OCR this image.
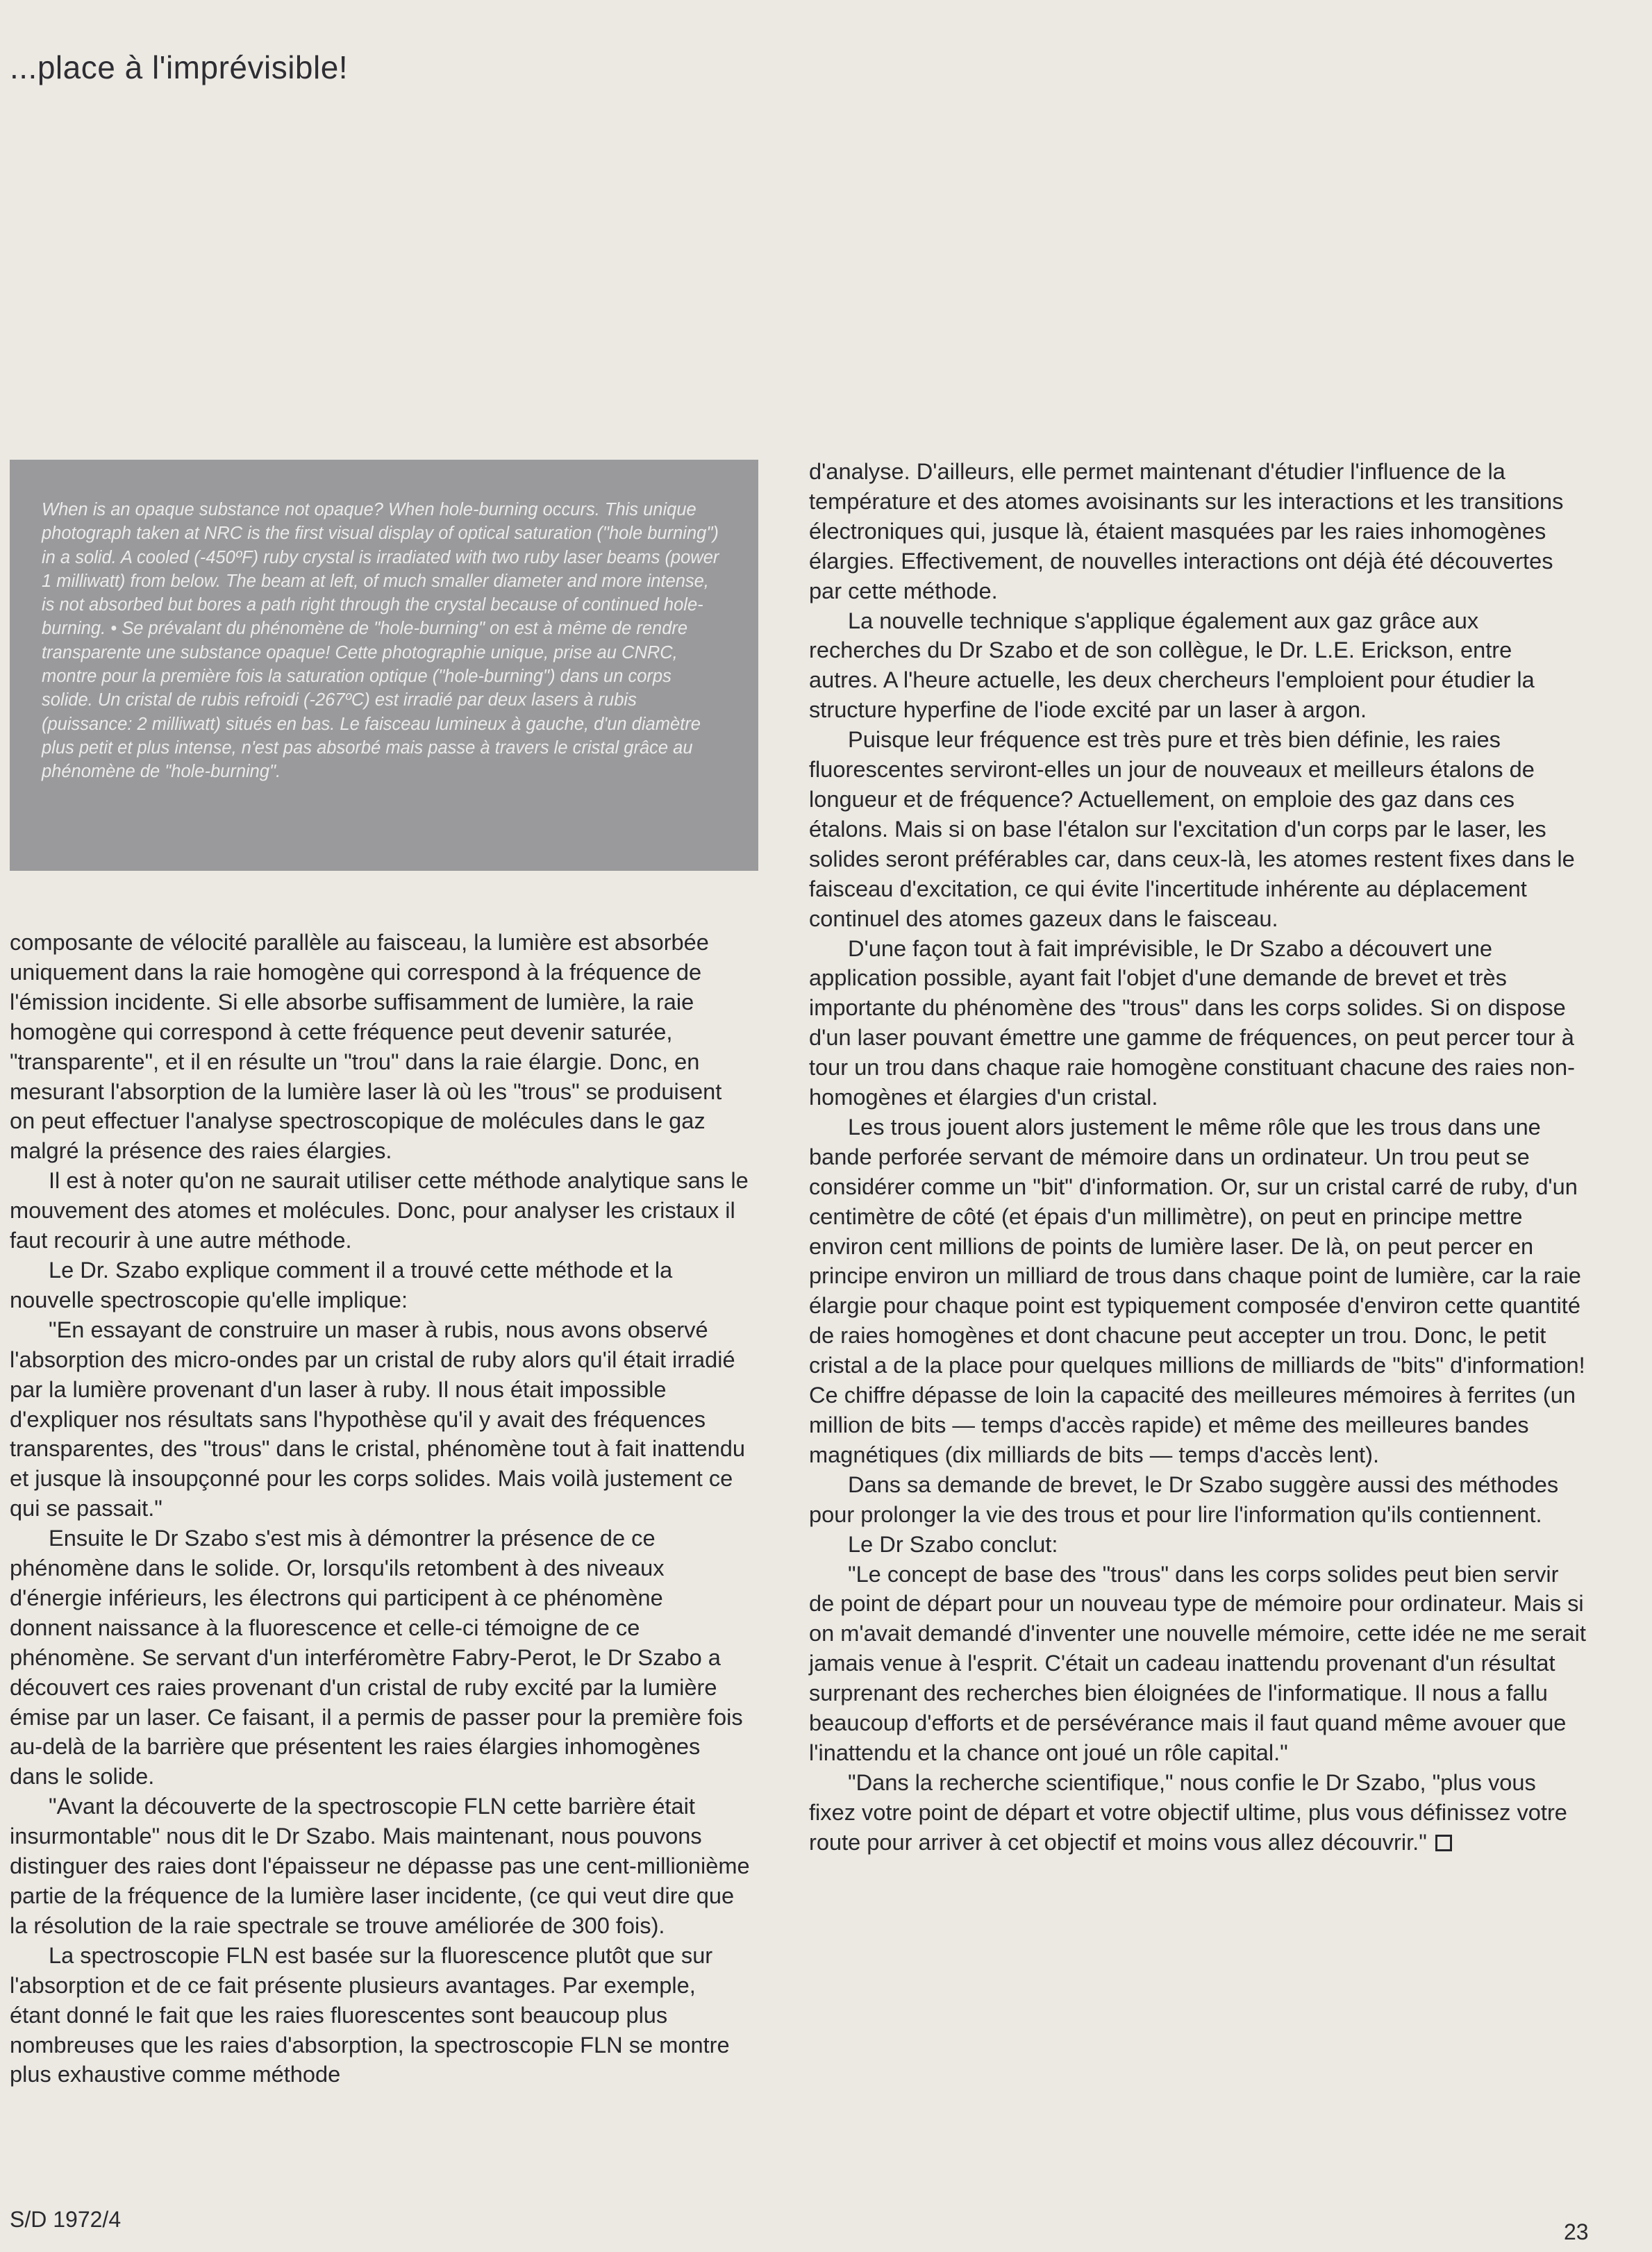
...place à l'imprévisible!

When is an opaque substance not opaque? When hole-burning occurs. This unique photograph taken at NRC is the first visual display of optical saturation ("hole burning") in a solid. A cooled (-450ºF) ruby crystal is irradiated with two ruby laser beams (power 1 milliwatt) from below. The beam at left, of much smaller diameter and more intense, is not absorbed but bores a path right through the crystal because of continued hole-burning. • Se prévalant du phénomène de "hole-burning" on est à même de rendre transparente une substance opaque! Cette photographie unique, prise au CNRC, montre pour la première fois la saturation optique ("hole-burning") dans un corps solide. Un cristal de rubis refroidi (-267ºC) est irradié par deux lasers à rubis (puissance: 2 milliwatt) situés en bas. Le faisceau lumineux à gauche, d'un diamètre plus petit et plus intense, n'est pas absorbé mais passe à travers le cristal grâce au phénomène de "hole-burning".

composante de vélocité parallèle au faisceau, la lumière est absorbée uniquement dans la raie homogène qui correspond à la fréquence de l'émission incidente. Si elle absorbe suffisamment de lumière, la raie homogène qui correspond à cette fréquence peut devenir saturée, "transparente", et il en résulte un "trou" dans la raie élargie. Donc, en mesurant l'absorption de la lumière laser là où les "trous" se produisent on peut effectuer l'analyse spectroscopique de molécules dans le gaz malgré la présence des raies élargies.

Il est à noter qu'on ne saurait utiliser cette méthode analytique sans le mouvement des atomes et molécules. Donc, pour analyser les cristaux il faut recourir à une autre méthode.

Le Dr. Szabo explique comment il a trouvé cette méthode et la nouvelle spectroscopie qu'elle implique:

"En essayant de construire un maser à rubis, nous avons observé l'absorption des micro-ondes par un cristal de ruby alors qu'il était irradié par la lumière provenant d'un laser à ruby. Il nous était impossible d'expliquer nos résultats sans l'hypothèse qu'il y avait des fréquences transparentes, des "trous" dans le cristal, phénomène tout à fait inattendu et jusque là insoupçonné pour les corps solides. Mais voilà justement ce qui se passait."

Ensuite le Dr Szabo s'est mis à démontrer la présence de ce phénomène dans le solide. Or, lorsqu'ils retombent à des niveaux d'énergie inférieurs, les électrons qui participent à ce phénomène donnent naissance à la fluorescence et celle-ci témoigne de ce phénomène. Se servant d'un interféromètre Fabry-Perot, le Dr Szabo a découvert ces raies provenant d'un cristal de ruby excité par la lumière émise par un laser. Ce faisant, il a permis de passer pour la première fois au-delà de la barrière que présentent les raies élargies inhomogènes dans le solide.

"Avant la découverte de la spectroscopie FLN cette barrière était insurmontable" nous dit le Dr Szabo. Mais maintenant, nous pouvons distinguer des raies dont l'épaisseur ne dépasse pas une cent-millionième partie de la fréquence de la lumière laser incidente, (ce qui veut dire que la résolution de la raie spectrale se trouve améliorée de 300 fois).

La spectroscopie FLN est basée sur la fluorescence plutôt que sur l'absorption et de ce fait présente plusieurs avantages. Par exemple, étant donné le fait que les raies fluorescentes sont beaucoup plus nombreuses que les raies d'absorption, la spectroscopie FLN se montre plus exhaustive comme méthode

d'analyse. D'ailleurs, elle permet maintenant d'étudier l'influence de la température et des atomes avoisinants sur les interactions et les transitions électroniques qui, jusque là, étaient masquées par les raies inhomogènes élargies. Effectivement, de nouvelles interactions ont déjà été découvertes par cette méthode.

La nouvelle technique s'applique également aux gaz grâce aux recherches du Dr Szabo et de son collègue, le Dr. L.E. Erickson, entre autres. A l'heure actuelle, les deux chercheurs l'emploient pour étudier la structure hyperfine de l'iode excité par un laser à argon.

Puisque leur fréquence est très pure et très bien définie, les raies fluorescentes serviront-elles un jour de nouveaux et meilleurs étalons de longueur et de fréquence? Actuellement, on emploie des gaz dans ces étalons. Mais si on base l'étalon sur l'excitation d'un corps par le laser, les solides seront préférables car, dans ceux-là, les atomes restent fixes dans le faisceau d'excitation, ce qui évite l'incertitude inhérente au déplacement continuel des atomes gazeux dans le faisceau.

D'une façon tout à fait imprévisible, le Dr Szabo a découvert une application possible, ayant fait l'objet d'une demande de brevet et très importante du phénomène des "trous" dans les corps solides. Si on dispose d'un laser pouvant émettre une gamme de fréquences, on peut percer tour à tour un trou dans chaque raie homogène constituant chacune des raies non-homogènes et élargies d'un cristal.

Les trous jouent alors justement le même rôle que les trous dans une bande perforée servant de mémoire dans un ordinateur. Un trou peut se considérer comme un "bit" d'information. Or, sur un cristal carré de ruby, d'un centimètre de côté (et épais d'un millimètre), on peut en principe mettre environ cent millions de points de lumière laser. De là, on peut percer en principe environ un milliard de trous dans chaque point de lumière, car la raie élargie pour chaque point est typiquement composée d'environ cette quantité de raies homogènes et dont chacune peut accepter un trou. Donc, le petit cristal a de la place pour quelques millions de milliards de "bits" d'information! Ce chiffre dépasse de loin la capacité des meilleures mémoires à ferrites (un million de bits — temps d'accès rapide) et même des meilleures bandes magnétiques (dix milliards de bits — temps d'accès lent).

Dans sa demande de brevet, le Dr Szabo suggère aussi des méthodes pour prolonger la vie des trous et pour lire l'information qu'ils contiennent.

Le Dr Szabo conclut:

"Le concept de base des "trous" dans les corps solides peut bien servir de point de départ pour un nouveau type de mémoire pour ordinateur. Mais si on m'avait demandé d'inventer une nouvelle mémoire, cette idée ne me serait jamais venue à l'esprit. C'était un cadeau inattendu provenant d'un résultat surprenant des recherches bien éloignées de l'informatique. Il nous a fallu beaucoup d'efforts et de persévérance mais il faut quand même avouer que l'inattendu et la chance ont joué un rôle capital."

"Dans la recherche scientifique," nous confie le Dr Szabo, "plus vous fixez votre point de départ et votre objectif ultime, plus vous définissez votre route pour arriver à cet objectif et moins vous allez découvrir."

S/D 1972/4	23
